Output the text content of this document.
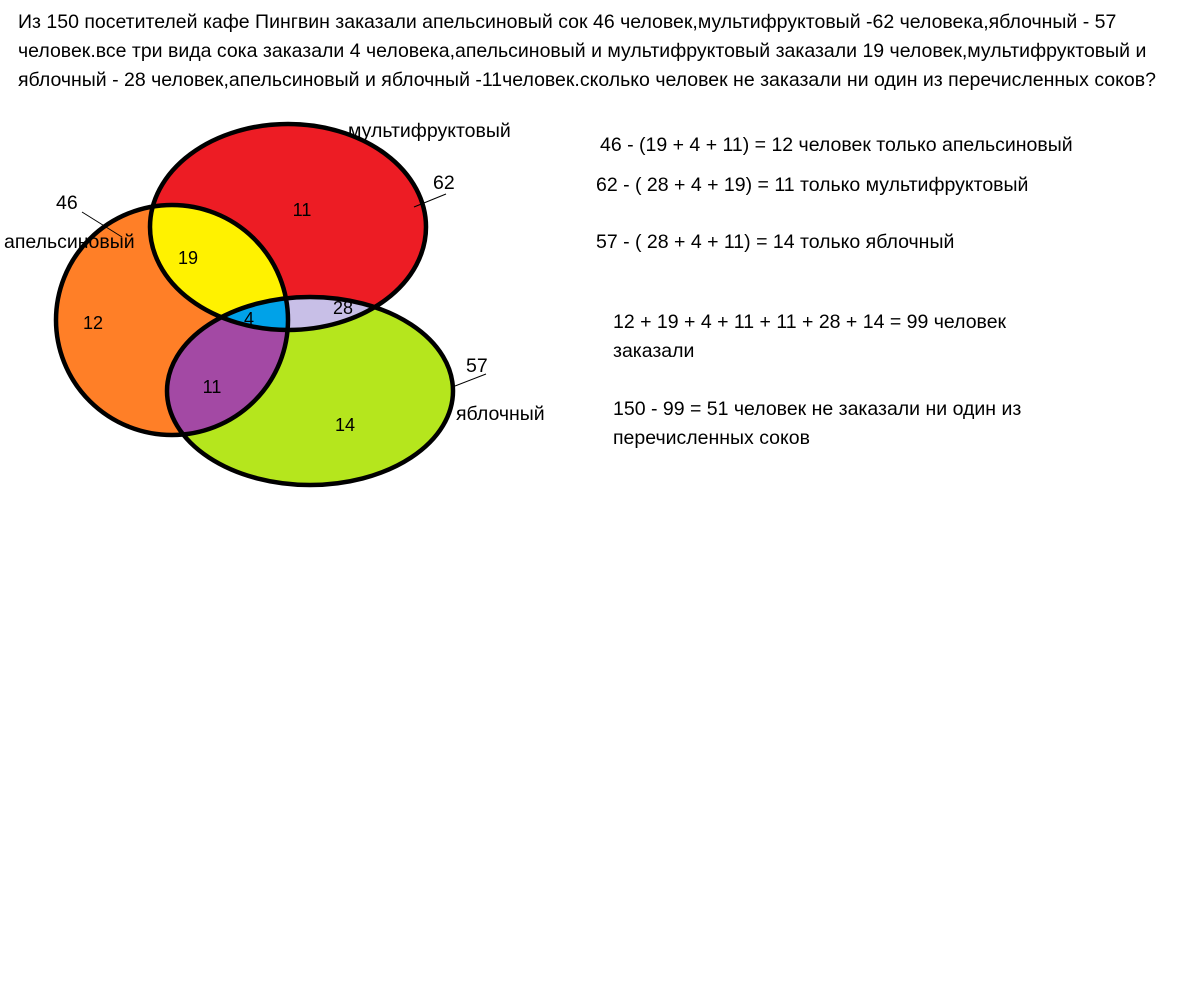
Из 150 посетителей кафе Пингвин заказали апельсиновый сок 46 человек,мультифруктовый -62 человека,яблочный - 57
человек.все три вида сока заказали 4 человека,апельсиновый и мультифруктовый заказали 19 человек,мультифруктовый и
яблочный - 28 человек,апельсиновый и яблочный -11человек.сколько человек не заказали ни один из перечисленных соков?
апельсиновый
46
мультифруктовый
62
яблочный
57
12
11
14
19
28
11
4
46 - (19 + 4 + 11) = 12 человек только апельсиновый
62 - ( 28 + 4 + 19) = 11 только мультифруктовый
57 - ( 28 + 4 + 11) = 14 только яблочный
12 + 19 + 4 + 11 + 11 + 28 + 14 = 99 человек
заказали
150 - 99 = 51 человек не заказали ни один из
перечисленных соков
